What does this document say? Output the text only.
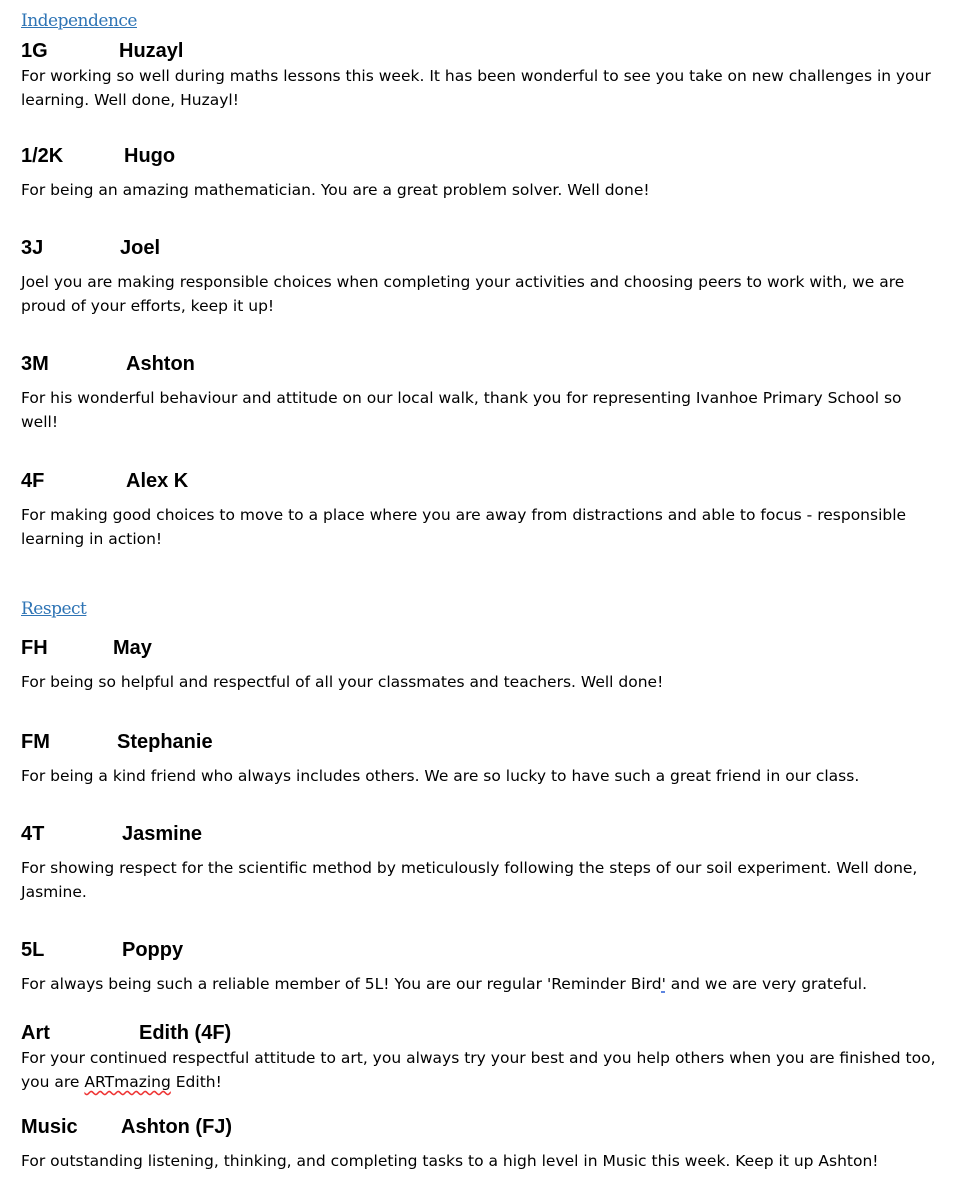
Independence
1G	Huzayl

For working so well during maths lessons this week. It has been wonderful to see you take on new challenges in your learning. Well done, Huzayl!

1/2K	Hugo

For being an amazing mathematician. You are a great problem solver. Well done!

3J	Joel

Joel you are making responsible choices when completing your activities and choosing peers to work with, we are proud of your efforts, keep it up!

3M	Ashton

For his wonderful behaviour and attitude on our local walk, thank you for representing Ivanhoe Primary School so well!

4F	Alex K

For making good choices to move to a place where you are away from distractions and able to focus - responsible learning in action!

Respect
FH	May

For being so helpful and respectful of all your classmates and teachers. Well done!

FM	Stephanie

For being a kind friend who always includes others. We are so lucky to have such a great friend in our class.

4T	Jasmine

For showing respect for the scientific method by meticulously following the steps of our soil experiment. Well done, Jasmine.

5L	Poppy

For always being such a reliable member of 5L! You are our regular 'Reminder Bird' and we are very grateful.

Art	Edith (4F)

For your continued respectful attitude to art, you always try your best and you help others when you are finished too, you are ARTmazing Edith!

Music Ashton (FJ)

For outstanding listening, thinking, and completing tasks to a high level in Music this week. Keep it up Ashton!
